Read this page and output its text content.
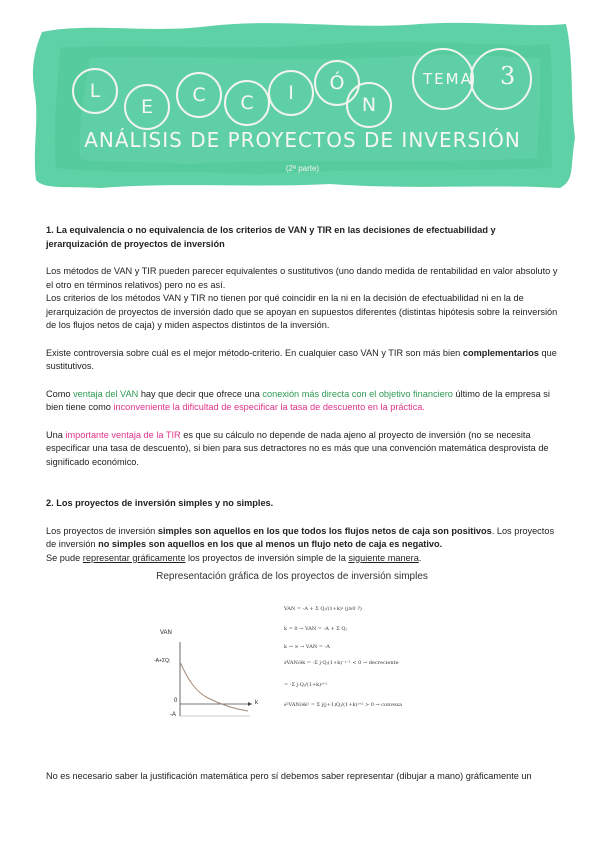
L
E
C C I Ó
N
TEMA 3
ANÁLISIS DE PROYECTOS DE INVERSIÓN
(2ª parte)

1. La equivalencia o no equivalencia de los criterios de VAN y TIR en las decisiones de efectuabilidad y jerarquización de proyectos de inversión

Los métodos de VAN y TIR pueden parecer equivalentes o sustitutivos (uno dando medida de rentabilidad en valor absoluto y el otro en términos relativos) pero no es así.

Los criterios de los métodos VAN y TIR no tienen por qué coincidir en la ni en la decisión de efectuabilidad ni en la de jerarquización de proyectos de inversión dado que se apoyan en supuestos diferentes (distintas hipótesis sobre la reinversión de los flujos netos de caja) y miden aspectos distintos de la inversión.

Existe controversia sobre cuál es el mejor método-criterio. En cualquier caso VAN y TIR son más bien complementarios que sustitutivos.

Como ventaja del VAN hay que decir que ofrece una conexión más directa con el objetivo financiero último de la empresa si bien tiene como inconveniente la dificultad de especificar la tasa de descuento en la práctica.

Una importante ventaja de la TIR es que su cálculo no depende de nada ajeno al proyecto de inversión (no se necesita especificar una tasa de descuento), si bien para sus detractores no es más que una convención matemática desprovista de significado económico.

2. Los proyectos de inversión simples y no simples.

Los proyectos de inversión simples son aquellos en los que todos los flujos netos de caja son positivos. Los proyectos de inversión no simples son aquellos en los que al menos un flujo neto de caja es negativo.

Se pude representar gráficamente los proyectos de inversión simple de la siguiente manera.

Representación gráfica de los proyectos de inversión simples
VAN
-A+ΣQⱼ
0
-A
k
VAN = -A + Σ Qⱼ/(1+k)ʲ (j≥0 ?)
k = 0 → VAN = -A + Σ Qⱼ
k → ∞ → VAN = -A
∂VAN/∂k = -Σ j·Qⱼ(1+k)⁻ʲ⁻¹ < 0 → decreciente
= -Σ j·Qⱼ/(1+k)ʲ⁺¹
∂²VAN/∂k² = Σ j(j+1)Qⱼ/(1+k)ʲ⁺² > 0 → convexa
No es necesario saber la justificación matemática pero sí debemos saber representar (dibujar a mano) gráficamente un
